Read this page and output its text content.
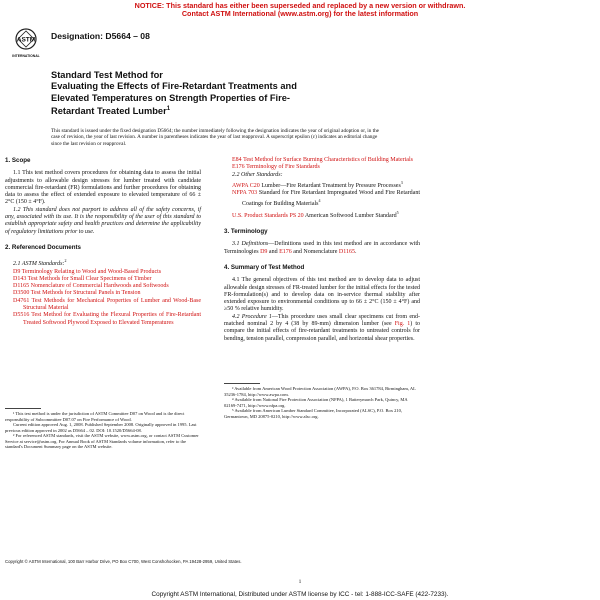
NOTICE: This standard has either been superseded and replaced by a new version or withdrawn.
Contact ASTM International (www.astm.org) for the latest information
ASTM
INTERNATIONAL
Designation: D5664 – 08
Standard Test Method for
Evaluating the Effects of Fire-Retardant Treatments and
Elevated Temperatures on Strength Properties of Fire-
Retardant Treated Lumber$^1$
This standard is issued under the fixed designation D5664; the number immediately following the designation indicates the year of original adoption or, in the case of revision, the year of last revision. A number in parentheses indicates the year of last reapproval. A superscript epsilon (ε) indicates an editorial change since the last revision or reapproval.
1. Scope
1.1 This test method covers procedures for obtaining data to assess the initial adjustments to allowable design stresses for lumber treated with candidate commercial fire-retardant (FR) formulations and further procedures for obtaining data to assess the effect of extended exposure to elevated temperature of 66 ± 2°C (150 ± 4°F).
1.2 This standard does not purport to address all of the safety concerns, if any, associated with its use. It is the responsibility of the user of this standard to establish appropriate safety and health practices and determine the applicability of regulatory limitations prior to use.
2. Referenced Documents
2.1 ASTM Standards:$^2$
D9 Terminology Relating to Wood and Wood-Based Products
D143 Test Methods for Small Clear Specimens of Timber
D1165 Nomenclature of Commercial Hardwoods and Softwoods
D3500 Test Methods for Structural Panels in Tension
D4761 Test Methods for Mechanical Properties of Lumber and Wood-Base Structural Material
D5516 Test Method for Evaluating the Flexural Properties of Fire-Retardant Treated Softwood Plywood Exposed to Elevated Temperatures
¹ This test method is under the jurisdiction of ASTM Committee D07 on Wood and is the direct responsibility of Subcommittee D07.07 on Fire Performance of Wood.
Current edition approved Aug. 1, 2008. Published September 2008. Originally approved in 1995. Last previous edition approved in 2002 as D5664 – 02. DOI: 10.1520/D5664-08.
² For referenced ASTM standards, visit the ASTM website, www.astm.org, or contact ASTM Customer Service at service@astm.org. For Annual Book of ASTM Standards volume information, refer to the standard's Document Summary page on the ASTM website.
E84 Test Method for Surface Burning Characteristics of Building Materials
E176 Terminology of Fire Standards
2.2 Other Standards:
AWPA C20 Lumber—Fire Retardant Treatment by Pressure Processes$^3$
NFPA 703 Standard for Fire Retardant Impregnated Wood and Fire Retardant Coatings for Building Materials$^4$
U.S. Product Standards PS 20 American Softwood Lumber Standard$^5$
3. Terminology
3.1 Definitions—Definitions used in this test method are in accordance with Terminologies D9 and E176 and Nomenclature D1165.
4. Summary of Test Method
4.1 The general objectives of this test method are to develop data to adjust allowable design stresses of FR-treated lumber for the initial effects for the tested FR-formulation(s) and to develop data on in-service thermal stability after extended exposure to environmental conditions up to 66 ± 2°C (150 ± 4°F) and ≥50 % relative humidity.
4.2 Procedure 1—This procedure uses small clear specimens cut from end-matched nominal 2 by 4 (38 by 89-mm) dimension lumber (see Fig. 1) to compare the initial effects of fire-retardant treatments to untreated controls for bending, tension parallel, compression parallel, and horizontal shear properties.
³ Available from American Wood Protection Association (AWPA), P.O. Box 361784, Birmingham, AL 35236-1784, http://www.awpa.com.
⁴ Available from National Fire Protection Association (NFPA), 1 Batterymarch Park, Quincy, MA 02169-7471, http://www.nfpa.org.
⁵ Available from American Lumber Standard Committee, Incorporated (ALSC), P.O. Box 210, Germantown, MD 20875-0210, http://www.alsc.org.
Copyright © ASTM International, 100 Barr Harbor Drive, PO Box C700, West Conshohocken, PA 19428-2959, United States.
1
Copyright ASTM International, Distributed under ASTM license by ICC - tel: 1-888-ICC-SAFE (422-7233).
